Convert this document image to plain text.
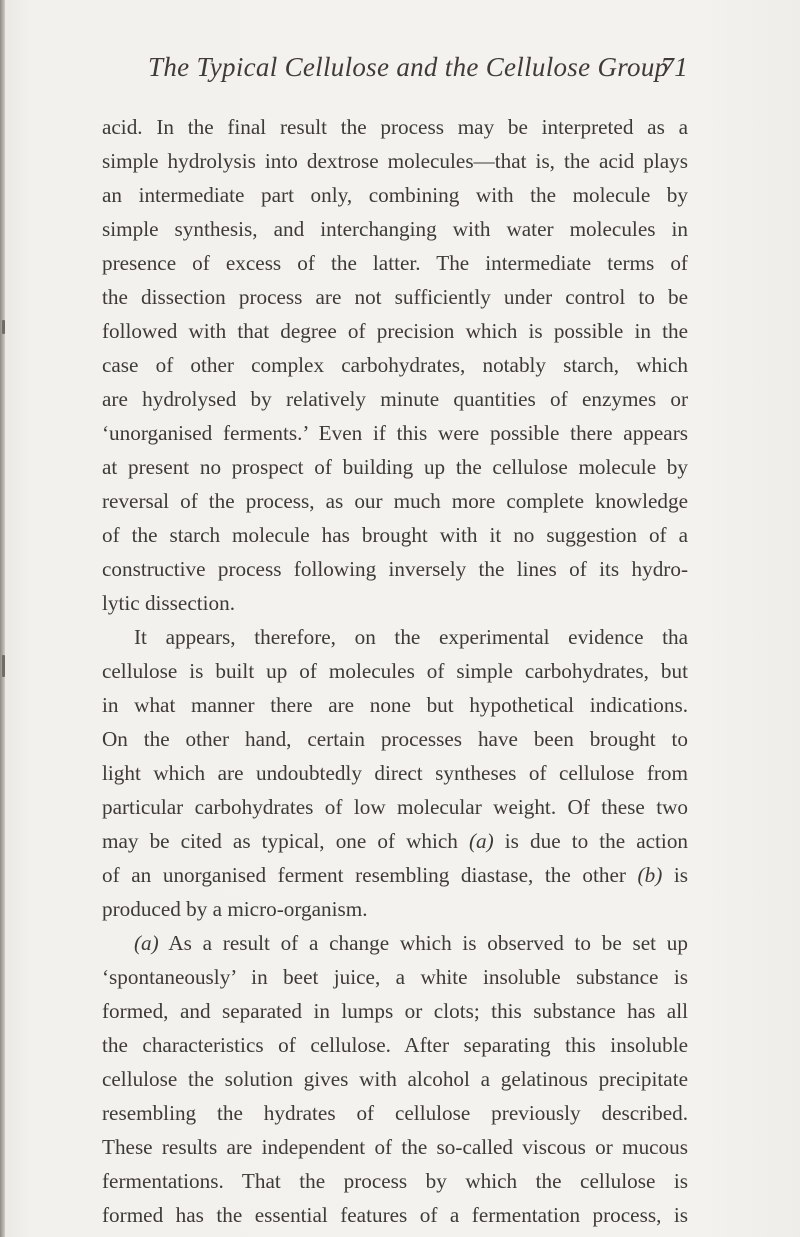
The Typical Cellulose and the Cellulose Group
71
acid. In the final result the process may be interpreted as a
simple hydrolysis into dextrose molecules—that is, the acid plays
an intermediate part only, combining with the molecule by
simple synthesis, and interchanging with water molecules in
presence of excess of the latter. The intermediate terms of
the dissection process are not sufficiently under control to be
followed with that degree of precision which is possible in the
case of other complex carbohydrates, notably starch, which
are hydrolysed by relatively minute quantities of enzymes or
‘unorganised ferments.’ Even if this were possible there appears
at present no prospect of building up the cellulose molecule by
reversal of the process, as our much more complete knowledge
of the starch molecule has brought with it no suggestion of a
constructive process following inversely the lines of its hydro-
lytic dissection.
It appears, therefore, on the experimental evidence tha
cellulose is built up of molecules of simple carbohydrates, but
in what manner there are none but hypothetical indications.
On the other hand, certain processes have been brought to
light which are undoubtedly direct syntheses of cellulose from
particular carbohydrates of low molecular weight. Of these two
may be cited as typical, one of which (a) is due to the action
of an unorganised ferment resembling diastase, the other (b) is
produced by a micro-organism.
(a) As a result of a change which is observed to be set up
‘spontaneously’ in beet juice, a white insoluble substance is
formed, and separated in lumps or clots; this substance has all
the characteristics of cellulose. After separating this insoluble
cellulose the solution gives with alcohol a gelatinous precipitate
resembling the hydrates of cellulose previously described.
These results are independent of the so-called viscous or mucous
fermentations. That the process by which the cellulose is
formed has the essential features of a fermentation process, is
